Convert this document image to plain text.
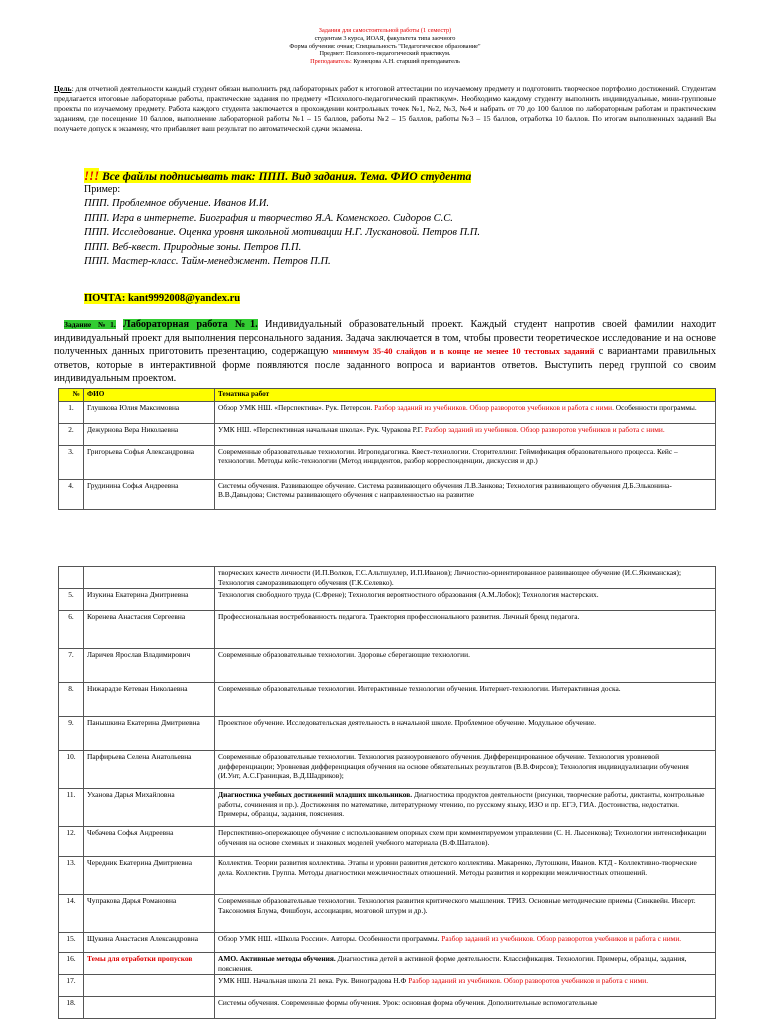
Задания для самостоятельной работы (1 семестр)
студентам 3 курса, ИОАЯ, факультета типа заочного
Форма обучения: очная; Специальность "Педагогическое образование"
Предмет: Психолого-педагогический практикум.
Преподаватель: Кузнецова А.Н. старший преподаватель
Цель: для отчетной деятельности каждый студент обязан выполнить ряд лабораторных работ к итоговой аттестации по изучаемому предмету и подготовить творческое портфолио достижений. Студентам предлагается итоговые лабораторные работы, практические задания по предмету «Психолого-педагогический практикум». Необходимо каждому студенту выполнить индивидуальные, мини-групповые проекты по изучаемому предмету. Работа каждого студента заключается в прохождении контрольных точек №1, №2, №3, №4 и набрать от 70 до 100 баллов по лабораторным работам и практическим заданиям, где посещение 10 баллов, выполнение лабораторной работы №1 – 15 баллов, работы №2 – 15 баллов, работы №3 – 15 баллов, отработка 10 баллов. По итогам выполненных заданий Вы получаете допуск к экзамену, что прибавляет ваш результат по автоматической сдачи экзамена.
!!! Все файлы подписывать так: ППП. Вид задания. Тема. ФИО студента
Пример:
ППП. Проблемное обучение. Иванов И.И.
ППП. Игра в интернете. Биография и творчество Я.А. Коменского. Сидоров С.С.
ППП. Исследование. Оценка уровня школьной мотивации Н.Г. Лускановой. Петров П.П.
ППП. Веб-квест. Природные зоны. Петров П.П.
ППП. Мастер-класс. Тайм-менеджмент. Петров П.П.
ПОЧТА: kant9992008@yandex.ru
Задание №1. Лабораторная работа №1. Индивидуальный образовательный проект. Каждый студент напротив своей фамилии находит индивидуальный проект для выполнения персонального задания. Задача заключается в том, чтобы провести теоретическое исследование и на основе полученных данных приготовить презентацию, содержащую минимум 35-40 слайдов и в конце не менее 10 тестовых заданий с вариантами правильных ответов, которые в интерактивной форме появляются после заданного вопроса и вариантов ответов. Выступить перед группой со своим индивидуальным проектом.
№	ФИО	Тематика работ
1.	Глушкова Юлия Максимовна	Обзор УМК НШ. «Перспектива». Рук. Петерсон. Разбор заданий из учебников. Обзор разворотов учебников и работа с ними. Особенности программы.
2.	Дежурнова Вера Николаевна	УМК НШ. «Перспективная начальная школа». Рук. Чуракова Р.Г. Разбор заданий из учебников. Обзор разворотов учебников и работа с ними.
3.	Григорьева Софья Александровна	Современные образовательные технологии. Игропедагогика. Квест-технологии. Сторителлинг. Геймификация образовательного процесса. Кейс – технологии. Методы кейс-технологии (Метод инцидентов, разбор корреспонденции, дискуссия и др.)
4.	Грудинина Софья Андреевна	Системы обучения. Развивающее обучение. Система развивающего обучения Л.В.Занкова; Технология развивающего обучения Д.Б.Эльконина-В.В.Давыдова; Системы развивающего обучения с направленностью на развитие
		творческих качеств личности (И.П.Волков, Г.С.Альтшуллер, И.П.Иванов); Личностно-ориентированное развивающее обучение (И.С.Якиманская); Технология саморазвивающего обучения (Г.К.Селевко).
5.	Изукина Екатерина Дмитриевна	Технология свободного труда (С.Френе); Технология вероятностного образования (А.М.Лобок); Технология мастерских.
6.	Коренева Анастасия Сергеевна	Профессиональная востребованность педагога. Траектория профессионального развития. Личный бренд педагога.
7.	Ларичев Ярослав Владимирович	Современные образовательные технологии. Здоровье сберегающие технологии.
8.	Нижарадзе Кетеван Николаевна	Современные образовательные технологии. Интерактивные технологии обучения. Интернет-технологии. Интерактивная доска.
9.	Панышкина Екатерина Дмитриевна	Проектное обучение. Исследовательская деятельность в начальной школе. Проблемное обучение. Модульное обучение.
10.	Парфирьева Селена Анатольевна	Современные образовательные технологии. Технология разноуровневого обучения. Дифференцированное обучение. Технология уровневой дифференциации; Уровневая дифференциация обучения на основе обязательных результатов (В.В.Фирсов); Технология индивидуализации обучения (И.Унт, А.С.Границкая, В.Д.Шадриков);
11.	Уханова Дарья Михайловна	Диагностика учебных достижений младших школьников. Диагностика продуктов деятельности (рисунки, творческие работы, диктанты, контрольные работы, сочинения и пр.). Достижения по математике, литературному чтению, по русскому языку, ИЗО и пр. ЕГЭ, ГИА. Достоинства, недостатки. Примеры, образцы, задания, пояснения.
12.	Чебачева Софья Андреевна	Перспективно-опережающее обучение с использованием опорных схем при комментируемом управлении (С. Н. Лысенкова); Технологии интенсификации обучения на основе схемных и знаковых моделей учебного материала (В.Ф.Шаталов).
13.	Чередник Екатерина Дмитриевна	Коллектив. Теории развития коллектива. Этапы и уровни развития детского коллектива. Макаренко, Лутошкин, Иванов. КТД - Коллективно-творческие дела. Коллектив. Группа. Методы диагностики межличностных отношений. Методы развития и коррекции межличностных отношений.
14.	Чупракова Дарья Романовна	Современные образовательные технологии. Технология развития критического мышления. ТРИЗ. Основные методические приемы (Синквейн. Инсерт. Таксономия Блума, Фишбоун, ассоциации, мозговой штурм и др.).
15.	Щукина Анастасия Александровна	Обзор УМК НШ. «Школа России». Авторы. Особенности программы. Разбор заданий из учебников. Обзор разворотов учебников и работа с ними.
16.	Темы для отработки пропусков	АМО. Активные методы обучения. Диагностика детей в активной форме деятельности. Классификация. Технологии. Примеры, образцы, задания, пояснения.
17.		УМК НШ. Начальная школа 21 века. Рук. Виноградова Н.Ф Разбор заданий из учебников. Обзор разворотов учебников и работа с ними.
18.		Системы обучения. Современные формы обучения. Урок: основная форма обучения. Дополнительные вспомогательные
